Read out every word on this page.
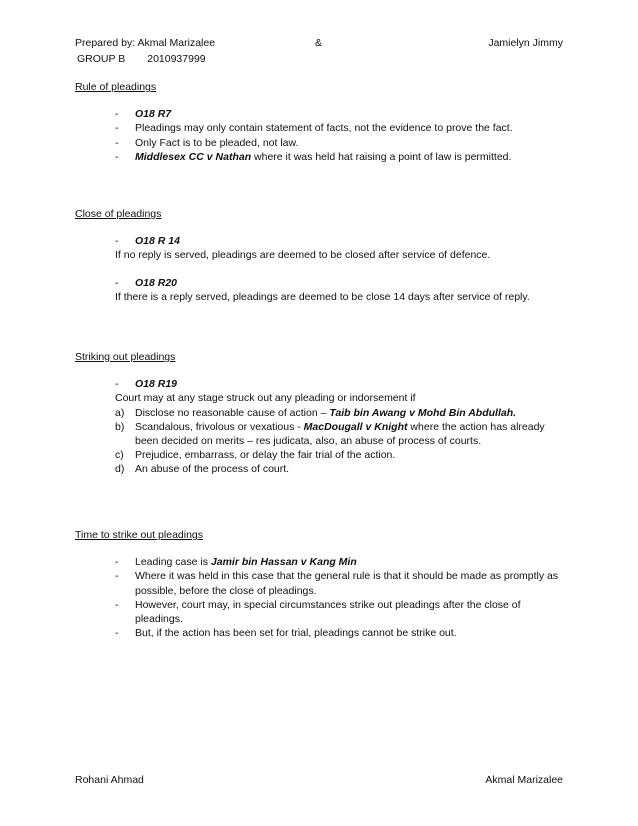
Prepared by: Akmal Marizalee	&	Jamielyn Jimmy
GROUP B 2010937999

Rule of pleadings

- O18 R7
- Pleadings may only contain statement of facts, not the evidence to prove the fact.
- Only Fact is to be pleaded, not law.
- Middlesex CC v Nathan where it was held hat raising a point of law is permitted.

Close of pleadings

- O18 R 14
If no reply is served, pleadings are deemed to be closed after service of defence.
- O18 R20
If there is a reply served, pleadings are deemed to be close 14 days after service of reply.

Striking out pleadings

- O18 R19
Court may at any stage struck out any pleading or indorsement if
a) Disclose no reasonable cause of action – Taib bin Awang v Mohd Bin Abdullah.
b) Scandalous, frivolous or vexatious - MacDougall v Knight where the action has already been decided on merits – res judicata, also, an abuse of process of courts.
c) Prejudice, embarrass, or delay the fair trial of the action.
d) An abuse of the process of court.

Time to strike out pleadings

- Leading case is Jamir bin Hassan v Kang Min
- Where it was held in this case that the general rule is that it should be made as promptly as possible, before the close of pleadings.
- However, court may, in special circumstances strike out pleadings after the close of pleadings.
- But, if the action has been set for trial, pleadings cannot be strike out.
Rohani Ahmad	Akmal Marizalee
